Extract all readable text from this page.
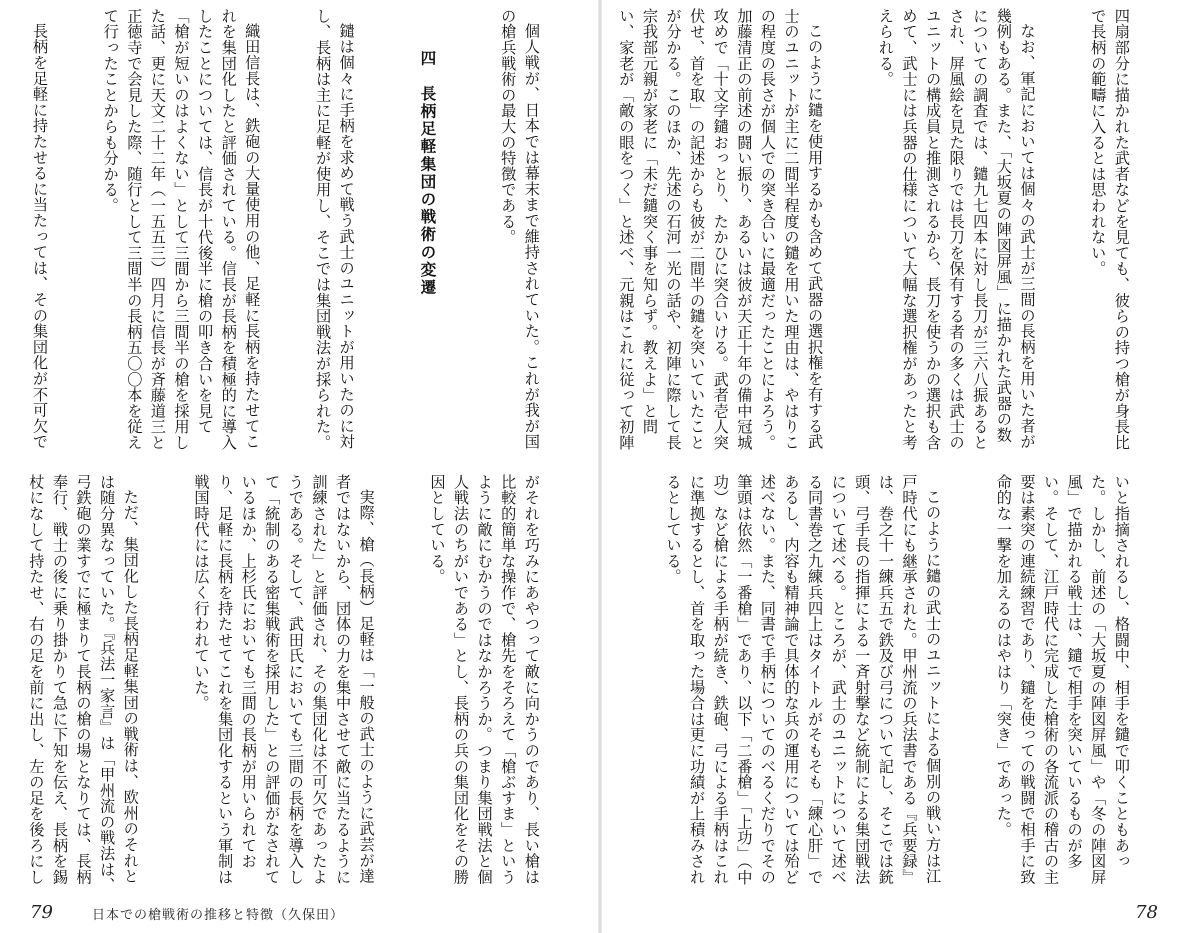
個人戦が、日本では幕末まで維持されていた。これが我が国の槍兵戦術の最大の特徴である。

四　長柄足軽集団の戦術の変遷

鑓は個々に手柄を求めて戦う武士のユニットが用いたのに対し、長柄は主に足軽が使用し、そこでは集団戦法が採られた。

織田信長は、鉄砲の大量使用の他、足軽に長柄を持たせてこれを集団化したと評価されている。信長が長柄を積極的に導入したことについては、信長が十代後半に槍の叩き合いを見て「槍が短いのはよくない」として三間から三間半の槍を採用した話、更に天文二十二年（一五五三）四月に信長が斉藤道三と正徳寺で会見した際、随行として三間半の長柄五〇〇本を従えて行ったことからも分かる。

長柄を足軽に持たせるに当たっては、その集団化が不可欠で

がそれを巧みにあやつって敵に向かうのであり、長い槍は比較的簡単な操作で、槍先をそろえて「槍ぶすま」というように敵にむかうのではなかろうか。つまり集団戦法と個人戦法のちがいである」とし、長柄の兵の集団化をその勝因としている。

実際、槍（長柄）足軽は「一般の武士のように武芸が達者ではないから、団体の力を集中させて敵に当たるように訓練された」と評価され、その集団化は不可欠であったようである。そして、武田氏においても三間の長柄を導入して「統制のある密集戦術を採用した」との評価がなされているほか、上杉氏においても三間の長柄が用いられており、足軽に長柄を持たせてこれを集団化するという軍制は戦国時代には広く行われていた。

ただ、集団化した長柄足軽集団の戦術は、欧州のそれとは随分異なっていた。『兵法一家言』は「甲州流の戦法は、弓鉄砲の業すでに極まりて長柄の槍の場となりては、長柄奉行、戦士の後に乗り掛かりて急に下知を伝え、長柄を錫杖になして持たせ、右の足を前に出し、左の足を後ろにし

79	日本での槍戦術の推移と特徴（久保田）

四扇部分に描かれた武者などを見ても、彼らの持つ槍が身長比で長柄の範疇に入るとは思われない。

なお、軍記においては個々の武士が三間の長柄を用いた者が幾例もある。また、「大坂夏の陣図屏風」に描かれた武器の数についての調査では、鑓九七四本に対し長刀が三六八振あるとされ、屏風絵を見た限りでは長刀を保有する者の多くは武士のユニットの構成員と推測されるから、長刀を使うかの選択も含めて、武士には兵器の仕様について大幅な選択権があったと考えられる。

このように鑓を使用するかも含めて武器の選択権を有する武士のユニットが主に二間半程度の鑓を用いた理由は、やはりこの程度の長さが個人での突き合いに最適だったことによろう。加藤清正の前述の闘い振り、あるいは彼が天正十年の備中冠城攻めで「十文字鑓おっとり、たかひに突合いける。武者壱人突伏せ、首を取」の記述からも彼が二間半の鑓を突いていたことが分かる。このほか、先述の石河一光の話や、初陣に際して長宗我部元親が家老に「未だ鑓突く事を知らず。教えよ」と問い、家老が「敵の眼をつく」と述べ、元親はこれに従って初陣

いと指摘されるし、格闘中、相手を鑓で叩くこともあった。しかし、前述の「大坂夏の陣図屏風」や「冬の陣図屏風」で描かれる戦士は、鑓で相手を突いているものが多い。そして、江戸時代に完成した槍術の各流派の稽古の主要は素突の連続練習であり、鑓を使っての戦闘で相手に致命的な一撃を加えるのはやはり「突き」であった。

このように鑓の武士のユニットによる個別の戦い方は江戸時代にも継承された。甲州流の兵法書である『兵要録』は、巻之十一練兵五で鉄及び弓について記し、そこでは銃頭、弓手長の指揮による一斉射撃など統制による集団戦法について述べる。ところが、武士のユニットについて述べる同書巻之九練兵四上はタイトルがそもそも「練心肝」であるし、内容も精神論で具体的な兵の運用については殆ど述べない。また、同書で手柄についてのべるくだりでその筆頭は依然「一番槍」であり、以下「二番槍」「上功」（中功）など槍による手柄が続き、鉄砲、弓による手柄はこれに準拠するとし、首を取った場合は更に功績が上積みされるとしている。

78
